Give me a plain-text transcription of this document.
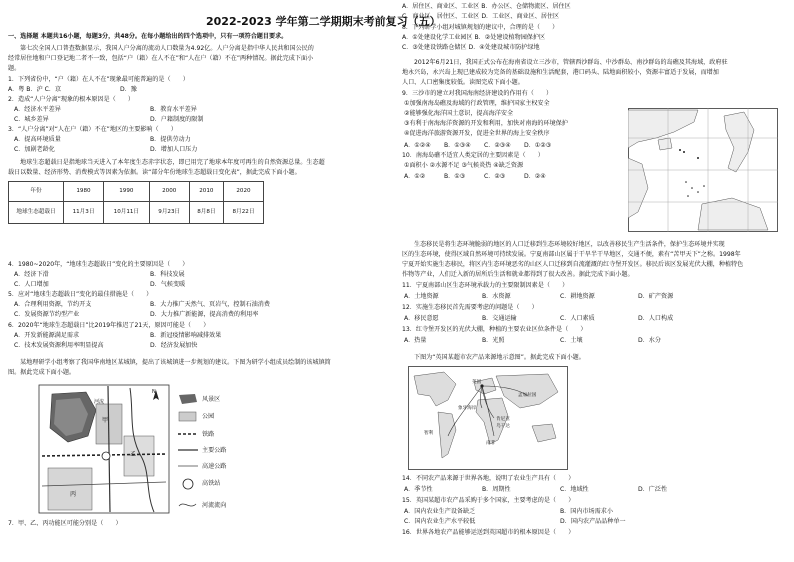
2022-2023 学年第二学期期末考前复习（五）
一、选择题 本题共16小题，每题3分，共48分。在每小题给出的四个选项中，只有一项符合题目要求。
第七次全国人口普查数据显示，我国人户分离的流动人口数量为4.92亿。人户分离是指中华人民共和国公民的
经常居住地和户口登记地二者不一致，包括“户（籍）在人不在”和“人在户（籍）不在”两种情况。据此完成下面小
题。
1．下列省份中，“户（籍）在人不在”现象最可能普遍的是（　　）
A．粤 B．沪 C．京	D．豫
2．造成“人户分离”现象的根本原因是（　　）
A．经济水平差异	B．教育水平差异
C．城乡差异	D．户籍制度的限制
3．“人户分离”对“人在户（籍）不在”地区的主要影响（　　）
A．提高环境质量	B．提供劳动力
C．加剧老龄化	D．增加人口压力
地球生态超载日是指地球当天进入了本年度生态赤字状态，即已用完了地球本年度可再生的自然资源总量。生态超
载日以数量、经济形势、消费模式等因素为依据。读“部分年份地球生态超载日变化表”，据此完成下面小题。
年份	1980	1990	2000	2010	2020
地球生态超载日	11月3日	10月11日	9月23日	8月8日	8月22日
4．1980~2020年，“地球生态超载日”变化的主要原因是（　　）
A．经济下滑	B．科技发展
C．人口增加	D．气候变暖
5．应对“地球生态超载日”变化的最佳措施是（　　）
A．合理利用资源，节约开支	B．大力推广天然气、页岩气，控制石油消费
C．发展资源节约型产业	D．大力推广新能源，提高消费的利用率
6．2020年“地球生态超载日”比2019年推迟了21天，原因可能是（　　）
A．开发新能源满足需求	B．新冠疫情影响减排效果
C．技术发展资源利用率明显提高	D．经济发展加快
某地理研学小组考察了我国华南地区某城镇，提出了该城镇进一步规划的建议。下图为研学小组成员绘制的该城镇简
图。据此完成下面小题。
N
河流
甲
乙
丙
风景区
公园
铁路
主要公路
高速公路
高铁站
河流流向
7．甲、乙、丙功能区可能分别是（　　）
A．居住区、商业区、工业区 B．办公区、仓储物流区、居住区
C．商业区、居住区、工业区 D．工业区、商业区、居住区
8．下列研学小组对城镇规划的建议中，合理的是（　　）
A．①处建设化学工业园区 B．②处建设植物园保护区
C．③处建设铁路仓储区 D．④处建设城市防护绿地
2012年6月21日，我国正式公布在海南省设立三沙市，管辖西沙群岛、中沙群岛、南沙群岛的岛礁及其海域，政府驻
地永兴岛，永兴岛上现已建成较为完备的基础设施和生活配套，港口码头、陆地面积较小，资源丰富适于发展，而增加
人口、人口密集度较低。读图完成下面小题。
9．三沙市的建立对我国海南经济建设的作用有（　　）
①加强南海岛礁及海域的行政管理，维护国家主权安全
②能够强化海洋国土意识，提高海洋安全
③有利于南海海洋资源的开发和利用，加快对南海的环境保护
④促进海洋旅游资源开发，促进全世界的海上安全秩序
A．①②④ B．①③④ C．②③④ D．①②③
10．南海岛礁不适宜人类定居的主要因素是（　　）
①面积小 ②水源不足 ③气候炎热 ④缺乏资源
A．①②	B．①③	C．②③	D．②④
生态移民是将生态环境脆弱的地区的人口迁移到生态环境较好地区，以改善移民生产生活条件，保护生态环境并实现
区的生态环境，使得区域自然环境可持续发展。宁夏南部山区属于干旱半干旱地区，交通不便，素有“苦甲天下”之称。1998年
宁夏开始实施生态移民，将区内生态环境恶劣的山区人口迁移到自流灌溉的红寺堡开发区。移民后该区发展光伏大棚，种植特色
作物等产业，人们迁入新的居所后生活和就业都得到了很大改善。据此完成下面小题。
11．宁夏南部山区生态环境承载力的主要限制因素是（　　）
A．土地资源	B．水资源	C．耕地资源	D．矿产资源
12．实施生态移民首先需要考虑的问题是（　　）
A．移民意愿	B．交通运输	C．人口素质	D．人口构成
13．红寺堡开发区的光伏大棚，种植的主要农业区位条件是（　　）
A．热量	B．光照	C．土壤	D．水分
下图为“英国某超市农产品来源地示意图”。据此完成下面小题。
英国
肯尼亚
乌干达
智利
南非
象牙海岸
孟加拉国
14．不同农产品来源于世界各地，说明了农业生产具有（　　）
A．季节性	B．周期性	C．地域性	D．广泛性
15．英国某超市农产品采购于多个国家，主要考虑的是（　　）
A．国内农业生产设备缺乏	B．国内市场需求小
C．国内农业生产水平较低	D．国内农产品品种单一
16．世界各地农产品能够运送到英国超市的根本原因是（　　）
